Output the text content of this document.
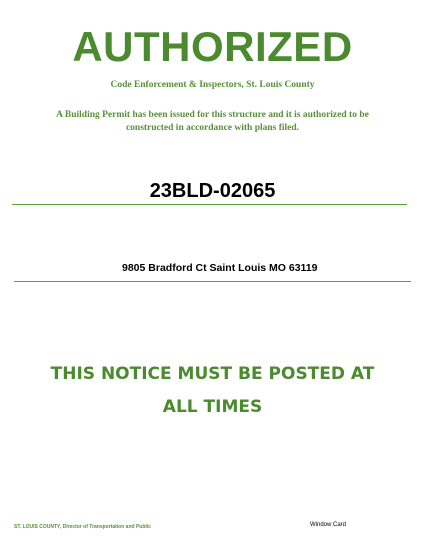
AUTHORIZED
Code Enforcement & Inspectors, St. Louis County
A Building Permit has been issued for this structure and it is authorized to be
constructed in accordance with plans filed.
23BLD-02065
9805 Bradford Ct Saint Louis MO 63119
THIS NOTICE MUST BE POSTED AT
ALL TIMES
ST. LOUIS COUNTY, Director of Transportation and Public	Window Card
